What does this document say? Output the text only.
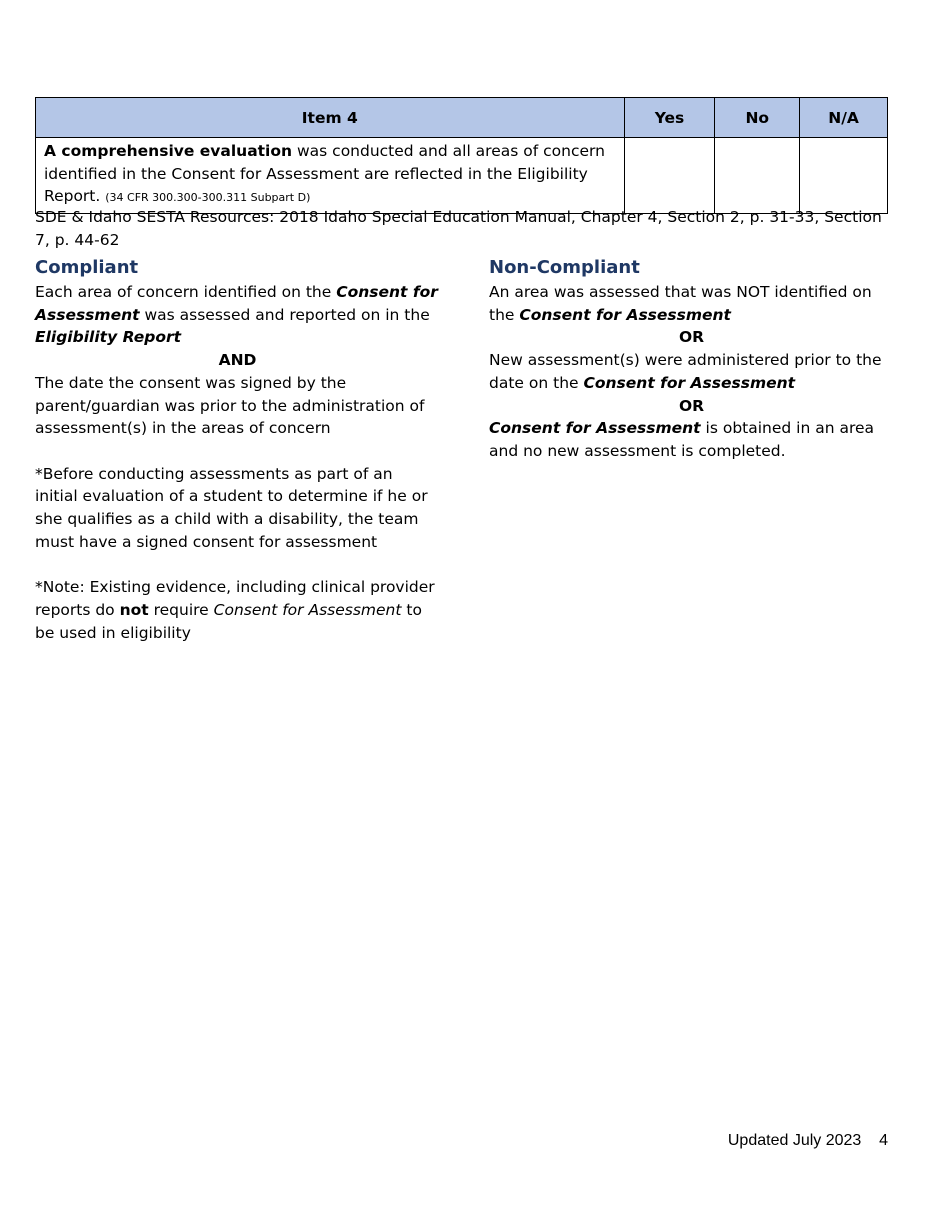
Item 4	Yes	No	N/A
A comprehensive evaluation was conducted and all areas of concern identified in the Consent for Assessment are reflected in the Eligibility Report. (34 CFR 300.300-300.311 Subpart D)			
SDE & Idaho SESTA Resources: 2018 Idaho Special Education Manual, Chapter 4, Section 2, p. 31-33, Section 7, p. 44-62
Compliant
Each area of concern identified on the Consent for Assessment was assessed and reported on in the Eligibility Report
AND
The date the consent was signed by the parent/guardian was prior to the administration of assessment(s) in the areas of concern
*Before conducting assessments as part of an initial evaluation of a student to determine if he or she qualifies as a child with a disability, the team must have a signed consent for assessment
*Note: Existing evidence, including clinical provider reports do not require Consent for Assessment to be used in eligibility
Non-Compliant
An area was assessed that was NOT identified on the Consent for Assessment
OR
New assessment(s) were administered prior to the date on the Consent for Assessment
OR
Consent for Assessment is obtained in an area and no new assessment is completed.
Updated July 2023 4
